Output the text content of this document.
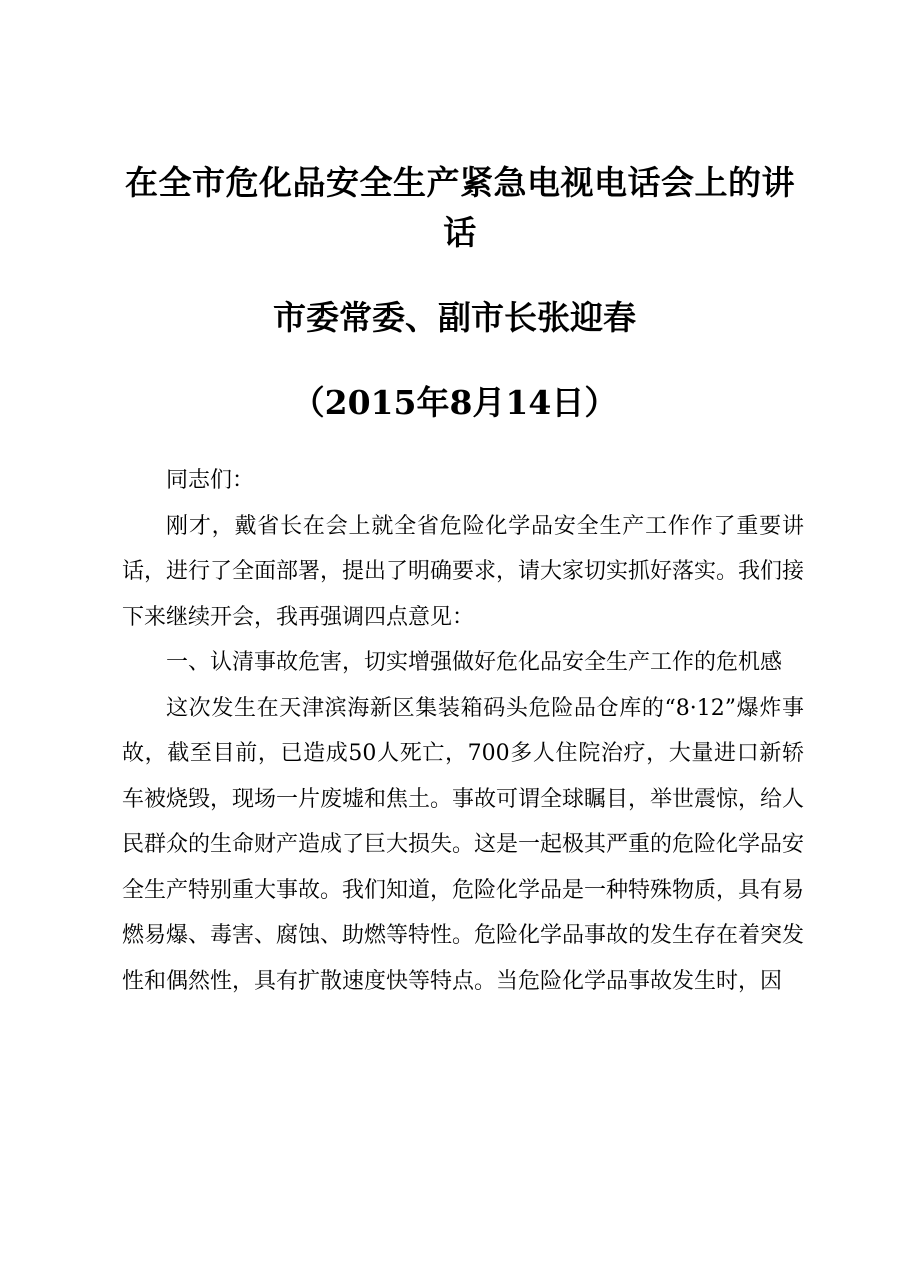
在全市危化品安全生产紧急电视电话会上的讲话
市委常委、副市长张迎春
（2015年8月14日）

同志们：

刚才，戴省长在会上就全省危险化学品安全生产工作作了重要讲话，进行了全面部署，提出了明确要求，请大家切实抓好落实。我们接下来继续开会，我再强调四点意见：

一、认清事故危害，切实增强做好危化品安全生产工作的危机感

这次发生在天津滨海新区集装箱码头危险品仓库的“8·12”爆炸事故，截至目前，已造成50人死亡，700多人住院治疗，大量进口新轿车被烧毁，现场一片废墟和焦土。事故可谓全球瞩目，举世震惊，给人民群众的生命财产造成了巨大损失。这是一起极其严重的危险化学品安全生产特别重大事故。我们知道，危险化学品是一种特殊物质，具有易燃易爆、毒害、腐蚀、助燃等特性。危险化学品事故的发生存在着突发性和偶然性，具有扩散速度快等特点。当危险化学品事故发生时，因
